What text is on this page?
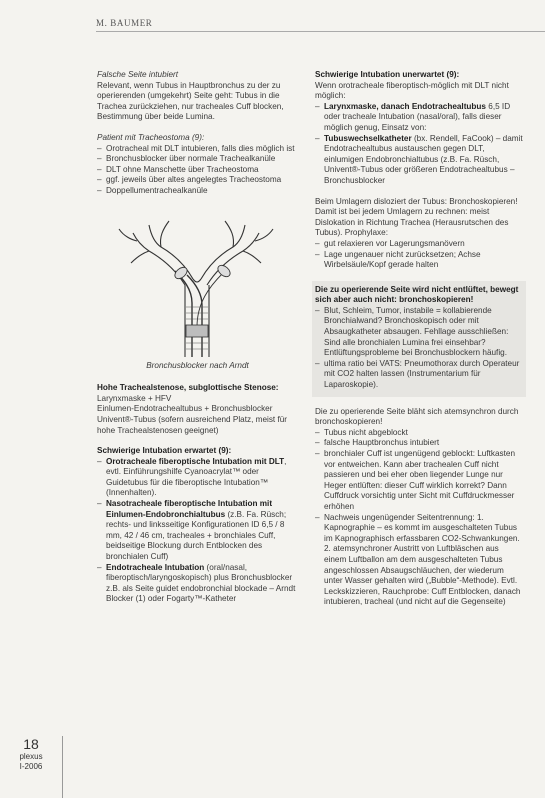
M. BAUMER
Falsche Seite intubiert
Relevant, wenn Tubus in Hauptbronchus zu der zu operierenden (umgekehrt) Seite geht: Tubus in die Trachea zurückziehen, nur tracheales Cuff blocken, Bestimmung über beide Lumina.
Patient mit Tracheostoma (9):
– Orotracheal mit DLT intubieren, falls dies möglich ist
– Bronchusblocker über normale Trachealkanüle
– DLT ohne Manschette über Tracheostoma
– ggf. jeweils über altes angelegtes Tracheostoma
– Doppellumentrachealkanüle
Bronchusblocker nach Arndt
Hohe Trachealstenose, subglottische Stenose:
Larynxmaske + HFV
Einlumen-Endotrachealtubus + Bronchusblocker
Univent®-Tubus (sofern ausreichend Platz, meist für hohe Trachealstenosen geeignet)
Schwierige Intubation erwartet (9):
– Orotracheale fiberoptische Intubation mit DLT, evtl. Einführungshilfe Cyanoacrylat™ oder Guidetubus für die fiberoptische Intubation™ (Innenhalten).
– Nasotracheale fiberoptische Intubation mit Einlumen-Endobronchialtubus (z.B. Fa. Rüsch; rechts- und linksseitige Konfigurationen ID 6,5 / 8 mm, 42 / 46 cm, tracheales + bronchiales Cuff, beidseitige Blockung durch Entblocken des bronchialen Cuff)
– Endotracheale Intubation (oral/nasal, fiberoptisch/laryngoskopisch) plus Bronchusblocker z.B. als Seite guidet endobronchial blockade – Arndt Blocker (1) oder Fogarty™-Katheter
Schwierige Intubation unerwartet (9):
Wenn orotracheale fiberoptisch-möglich mit DLT nicht möglich:
– Larynxmaske, danach Endotrachealtubus 6,5 ID oder tracheale Intubation (nasal/oral), falls dieser möglich genug, Einsatz von:
– Tubuswechselkatheter (bx. Rendell, FaCook) – damit Endotrachealtubus austauschen gegen DLT, einlumigen Endobronchialtubus (z.B. Fa. Rüsch, Univent®-Tubus oder größeren Endotrachealtubus – Bronchusblocker
Beim Umlagern disloziert der Tubus: Bronchoskopieren!
Damit ist bei jedem Umlagern zu rechnen: meist Dislokation in Richtung Trachea (Herausrutschen des Tubus). Prophylaxe:
– gut relaxieren vor Lagerungsmanövern
– Lage ungenauer nicht zurücksetzen; Achse Wirbelsäule/Kopf gerade halten
Die zu operierende Seite wird nicht entlüftet, bewegt sich aber auch nicht: bronchoskopieren!
– Blut, Schleim, Tumor, instabile = kollabierende Bronchialwand? Bronchoskopisch oder mit Absaugkatheter absaugen. Fehllage ausschließen: Sind alle bronchialen Lumina frei einsehbar? Entlüftungsprobleme bei Bronchusblockern häufig.
– ultima ratio bei VATS: Pneumothorax durch Operateur mit CO2 halten lassen (Instrumentarium für Laparoskopie).
Die zu operierende Seite bläht sich atemsynchron durch bronchoskopieren!
– Tubus nicht abgeblockt
– falsche Hauptbronchus intubiert
– bronchialer Cuff ist ungenügend geblockt: Luftkasten vor entweichen. Kann aber trachealen Cuff nicht passieren und bei eher oben liegender Lunge nur Heger entlüften: dieser Cuff wirklich korrekt? Dann Cuffdruck vorsichtig unter Sicht mit Cuffdruckmesser erhöhen
– Nachweis ungenügender Seitentrennung: 1. Kapnographie – es kommt im ausgeschalteten Tubus im Kapnographisch erfassbaren CO2-Schwankungen. 2. atemsynchroner Austritt von Luftbläschen aus einem Luftballon am dem ausgeschalteten Tubus angeschlossen Absaugschläuchen, der wiederum unter Wasser gehalten wird („Bubble“-Methode). Evtl. Leckskizzieren, Rauchprobe: Cuff Entblocken, danach intubieren, tracheal (und nicht auf die Gegenseite)
18
plexus
I-2006
